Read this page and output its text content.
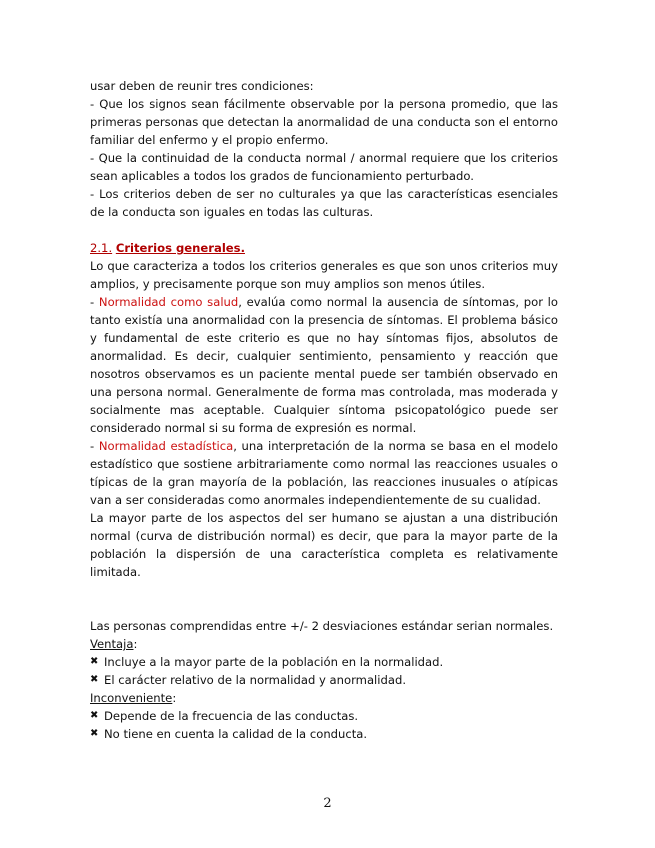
usar deben de reunir tres condiciones:

- Que los signos sean fácilmente observable por la persona promedio, que las primeras personas que detectan la anormalidad de una conducta son el entorno familiar del enfermo y el propio enfermo.

- Que la continuidad de la conducta normal / anormal requiere que los criterios sean aplicables a todos los grados de funcionamiento perturbado.

- Los criterios deben de ser no culturales ya que las características esenciales de la conducta son iguales en todas las culturas.

2.1. Criterios generales.

Lo que caracteriza a todos los criterios generales es que son unos criterios muy amplios, y precisamente porque son muy amplios son menos útiles.

- Normalidad como salud, evalúa como normal la ausencia de síntomas, por lo tanto existía una anormalidad con la presencia de síntomas. El problema básico y fundamental de este criterio es que no hay síntomas fijos, absolutos de anormalidad. Es decir, cualquier sentimiento, pensamiento y reacción que nosotros observamos es un paciente mental puede ser también observado en una persona normal. Generalmente de forma mas controlada, mas moderada y socialmente mas aceptable. Cualquier síntoma psicopatológico puede ser considerado normal si su forma de expresión es normal.

- Normalidad estadística, una interpretación de la norma se basa en el modelo estadístico que sostiene arbitrariamente como normal las reacciones usuales o típicas de la gran mayoría de la población, las reacciones inusuales o atípicas van a ser consideradas como anormales independientemente de su cualidad.

La mayor parte de los aspectos del ser humano se ajustan a una distribución normal (curva de distribución normal) es decir, que para la mayor parte de la población la dispersión de una característica completa es relativamente limitada.

Las personas comprendidas entre +/- 2 desviaciones estándar serian normales.

Ventaja:

✖ Incluye a la mayor parte de la población en la normalidad.
✖ El carácter relativo de la normalidad y anormalidad.

Inconveniente:

✖ Depende de la frecuencia de las conductas.
✖ No tiene en cuenta la calidad de la conducta.
2
